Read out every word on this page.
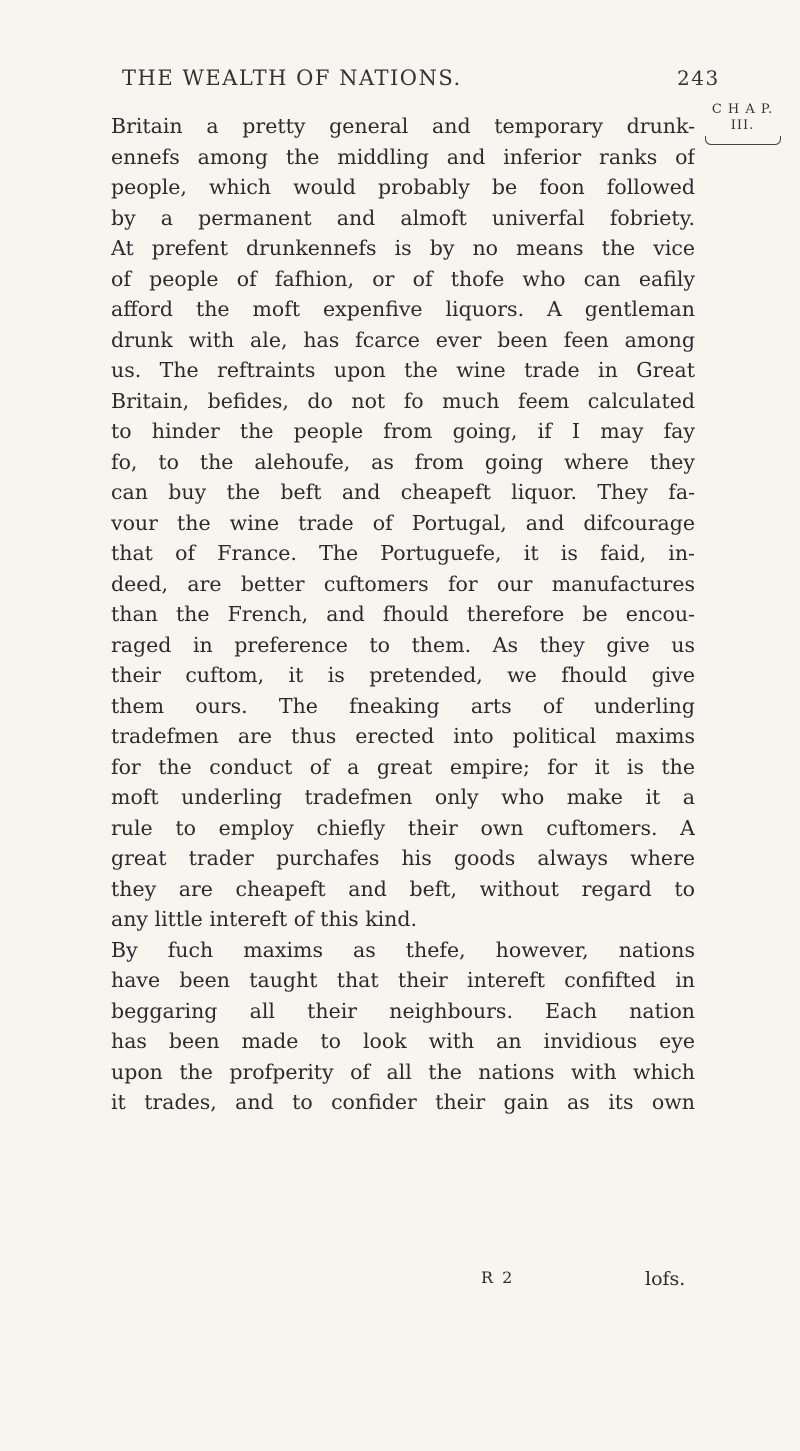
THE WEALTH OF NATIONS.	243
C H A P.
III.
Britain a pretty general and temporary drunk-
ennefs among the middling and inferior ranks of
people, which would probably be foon followed
by a permanent and almoft univerfal fobriety.
At prefent drunkennefs is by no means the vice
of people of fafhion, or of thofe who can eafily
afford the moft expenfive liquors. A gentleman
drunk with ale, has fcarce ever been feen among
us. The reftraints upon the wine trade in Great
Britain, befides, do not fo much feem calculated
to hinder the people from going, if I may fay
fo, to the alehoufe, as from going where they
can buy the beft and cheapeft liquor. They fa-
vour the wine trade of Portugal, and difcourage
that of France. The Portuguefe, it is faid, in-
deed, are better cuftomers for our manufactures
than the French, and fhould therefore be encou-
raged in preference to them. As they give us
their cuftom, it is pretended, we fhould give
them ours. The fneaking arts of underling
tradefmen are thus erected into political maxims
for the conduct of a great empire; for it is the
moft underling tradefmen only who make it a
rule to employ chiefly their own cuftomers. A
great trader purchafes his goods always where
they are cheapeft and beft, without regard to
any little intereft of this kind.
By fuch maxims as thefe, however, nations
have been taught that their intereft confifted in
beggaring all their neighbours. Each nation
has been made to look with an invidious eye
upon the profperity of all the nations with which
it trades, and to confider their gain as its own
R 2	lofs.
